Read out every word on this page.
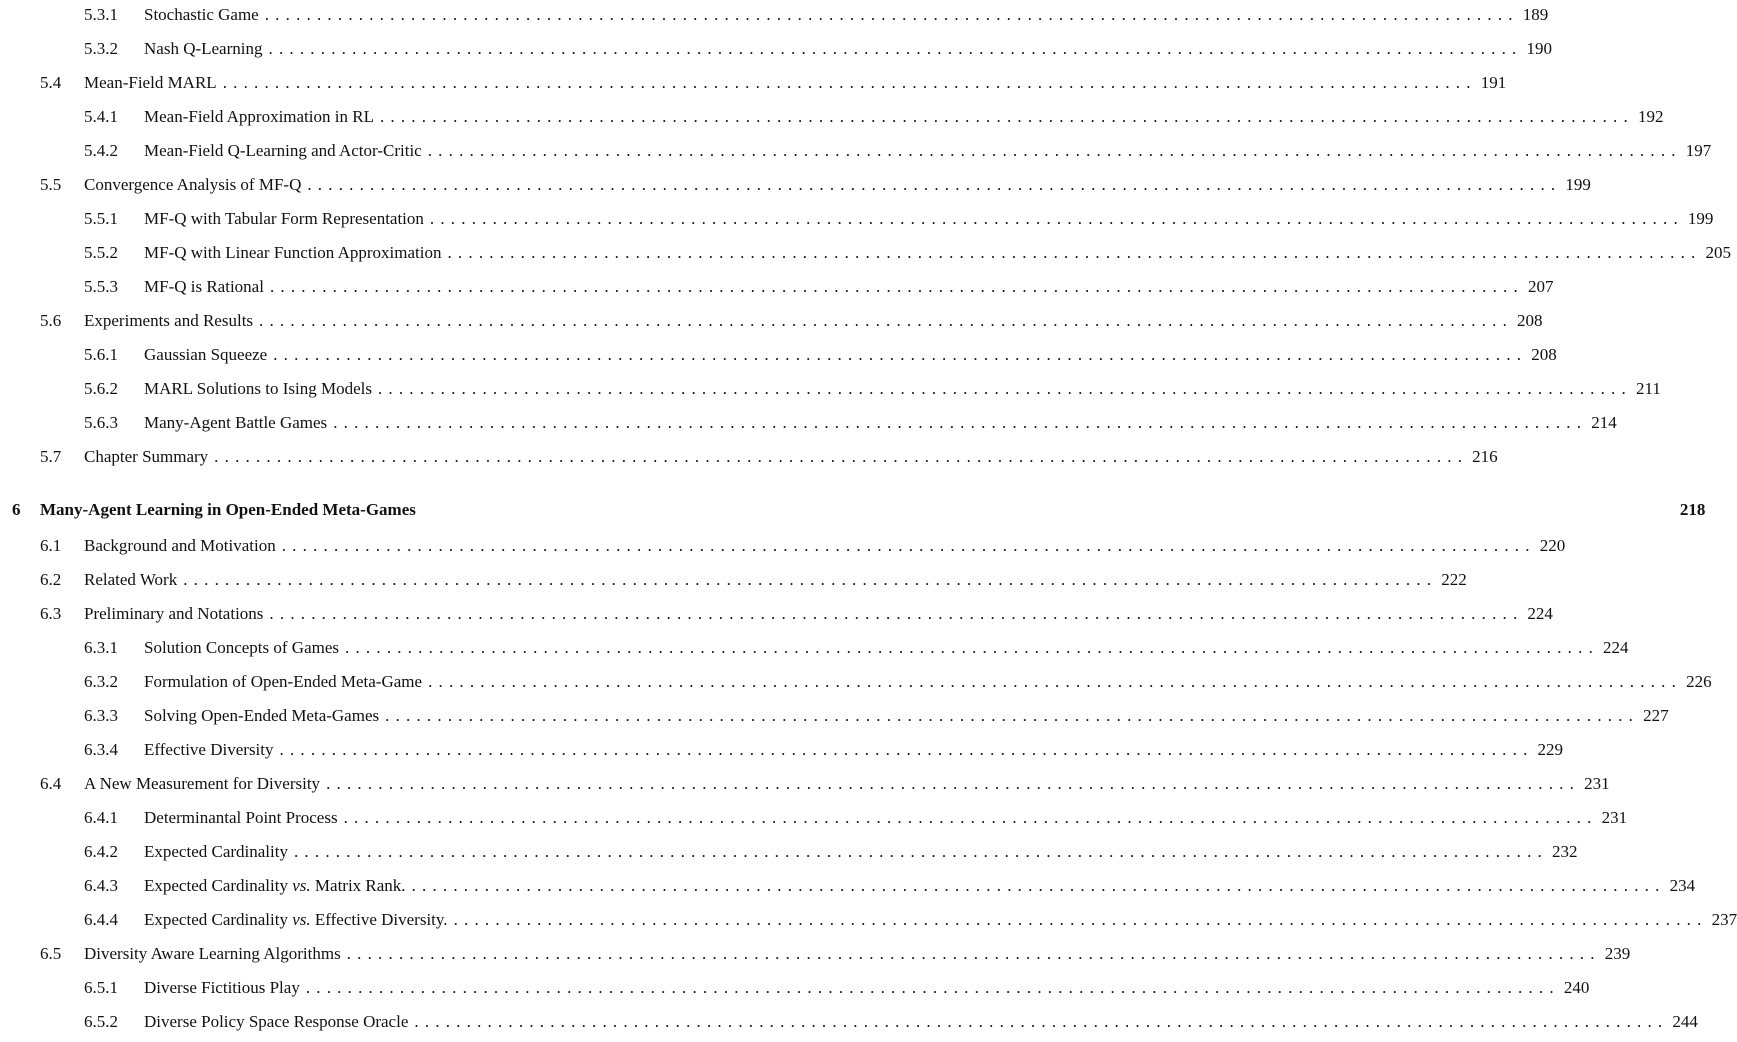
5.3.1 Stochastic Game ........................................................................................................................ 189
5.3.2 Nash Q-Learning ........................................................................................................................ 190
5.4 Mean-Field MARL ........................................................................................................................ 191
5.4.1 Mean-Field Approximation in RL ........................................................................................................................ 192
5.4.2 Mean-Field Q-Learning and Actor-Critic ........................................................................................................................ 197
5.5 Convergence Analysis of MF-Q ........................................................................................................................ 199
5.5.1 MF-Q with Tabular Form Representation ........................................................................................................................ 199
5.5.2 MF-Q with Linear Function Approximation ........................................................................................................................ 205
5.5.3 MF-Q is Rational ........................................................................................................................ 207
5.6 Experiments and Results ........................................................................................................................ 208
5.6.1 Gaussian Squeeze ........................................................................................................................ 208
5.6.2 MARL Solutions to Ising Models ........................................................................................................................ 211
5.6.3 Many-Agent Battle Games ........................................................................................................................ 214
5.7 Chapter Summary ........................................................................................................................ 216
6 Many-Agent Learning in Open-Ended Meta-Games	218
6.1 Background and Motivation ........................................................................................................................ 220
6.2 Related Work ........................................................................................................................ 222
6.3 Preliminary and Notations ........................................................................................................................ 224
6.3.1 Solution Concepts of Games ........................................................................................................................ 224
6.3.2 Formulation of Open-Ended Meta-Game ........................................................................................................................ 226
6.3.3 Solving Open-Ended Meta-Games ........................................................................................................................ 227
6.3.4 Effective Diversity ........................................................................................................................ 229
6.4 A New Measurement for Diversity ........................................................................................................................ 231
6.4.1 Determinantal Point Process ........................................................................................................................ 231
6.4.2 Expected Cardinality ........................................................................................................................ 232
6.4.3 Expected Cardinality vs. Matrix Rank. ........................................................................................................................ 234
6.4.4 Expected Cardinality vs. Effective Diversity. ........................................................................................................................ 237
6.5 Diversity Aware Learning Algorithms ........................................................................................................................ 239
6.5.1 Diverse Fictitious Play ........................................................................................................................ 240
6.5.2 Diverse Policy Space Response Oracle ........................................................................................................................ 244
